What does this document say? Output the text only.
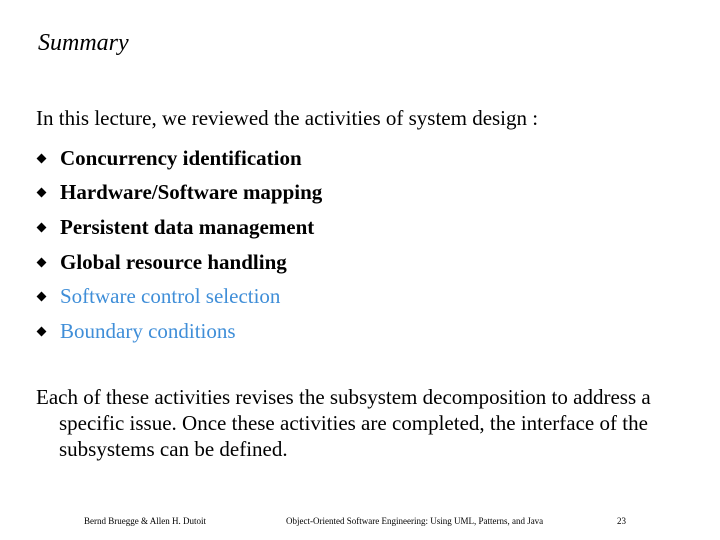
Summary
In this lecture, we reviewed the activities of system design :
Concurrency identification
Hardware/Software mapping
Persistent data management
Global resource handling
Software control selection
Boundary conditions
Each of these activities revises the subsystem decomposition to address a specific issue. Once these activities are completed, the interface of the subsystems can be defined.
Bernd Bruegge & Allen H. Dutoit	Object-Oriented Software Engineering: Using UML, Patterns, and Java	23
